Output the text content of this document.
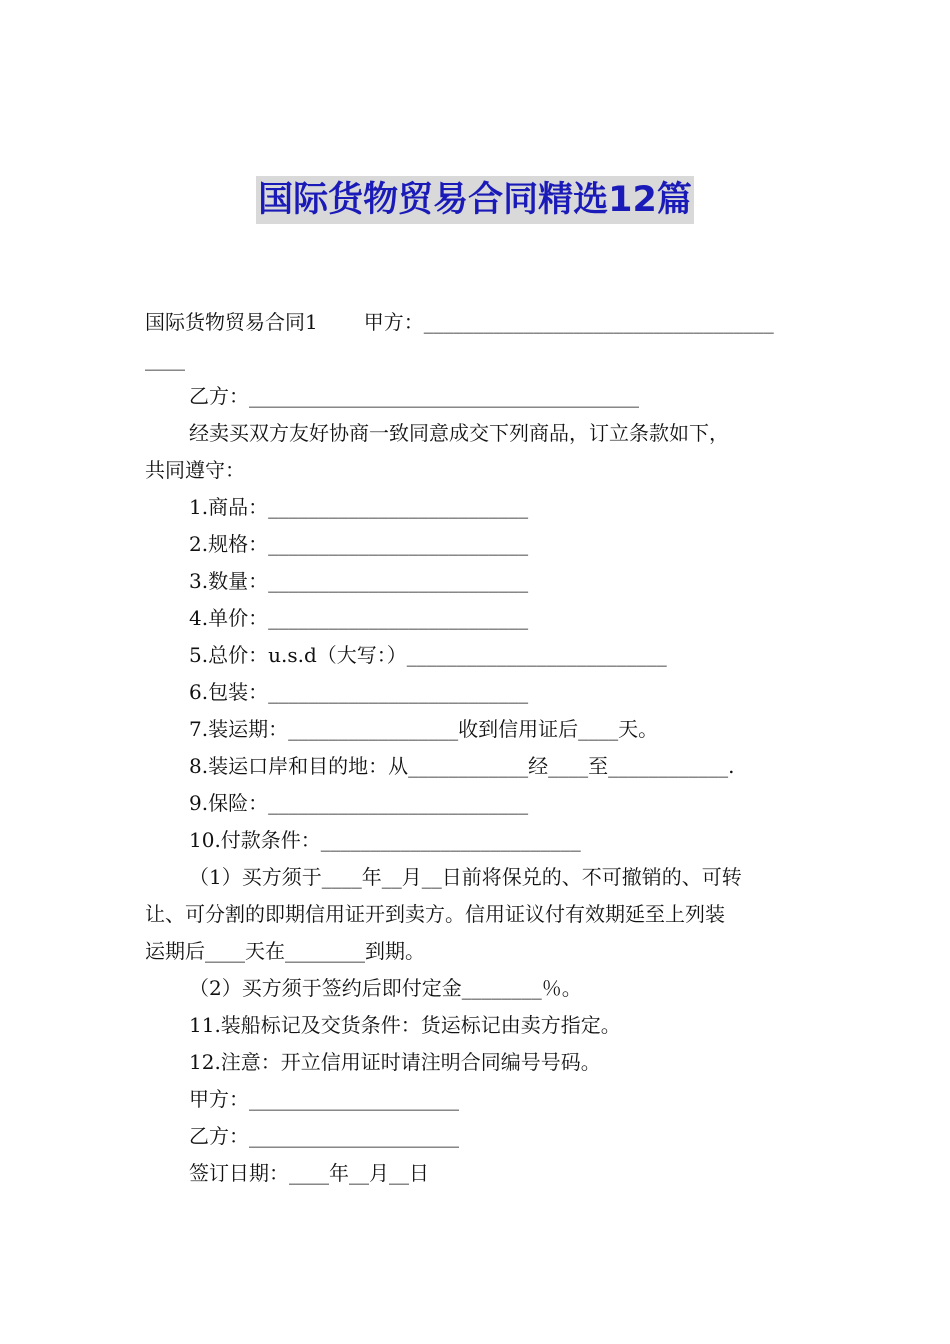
国际货物贸易合同精选12篇

国际货物贸易合同1 甲方：___________________________________

____

乙方：_______________________________________

经卖买双方友好协商一致同意成交下列商品，订立条款如下，

共同遵守：

1.商品：__________________________

2.规格：__________________________

3.数量：__________________________

4.单价：__________________________

5.总价：u.s.d（大写：）__________________________

6.包装：__________________________

7.装运期：_________________收到信用证后____天。

8.装运口岸和目的地：从____________经____至____________.

9.保险：__________________________

10.付款条件：__________________________

（1）买方须于____年__月__日前将保兑的、不可撤销的、可转

让、可分割的即期信用证开到卖方。信用证议付有效期延至上列装

运期后____天在________到期。

（2）买方须于签约后即付定金________％。

11.装船标记及交货条件：货运标记由卖方指定。

12.注意：开立信用证时请注明合同编号号码。

甲方：_____________________

乙方：_____________________

签订日期：____年__月__日
